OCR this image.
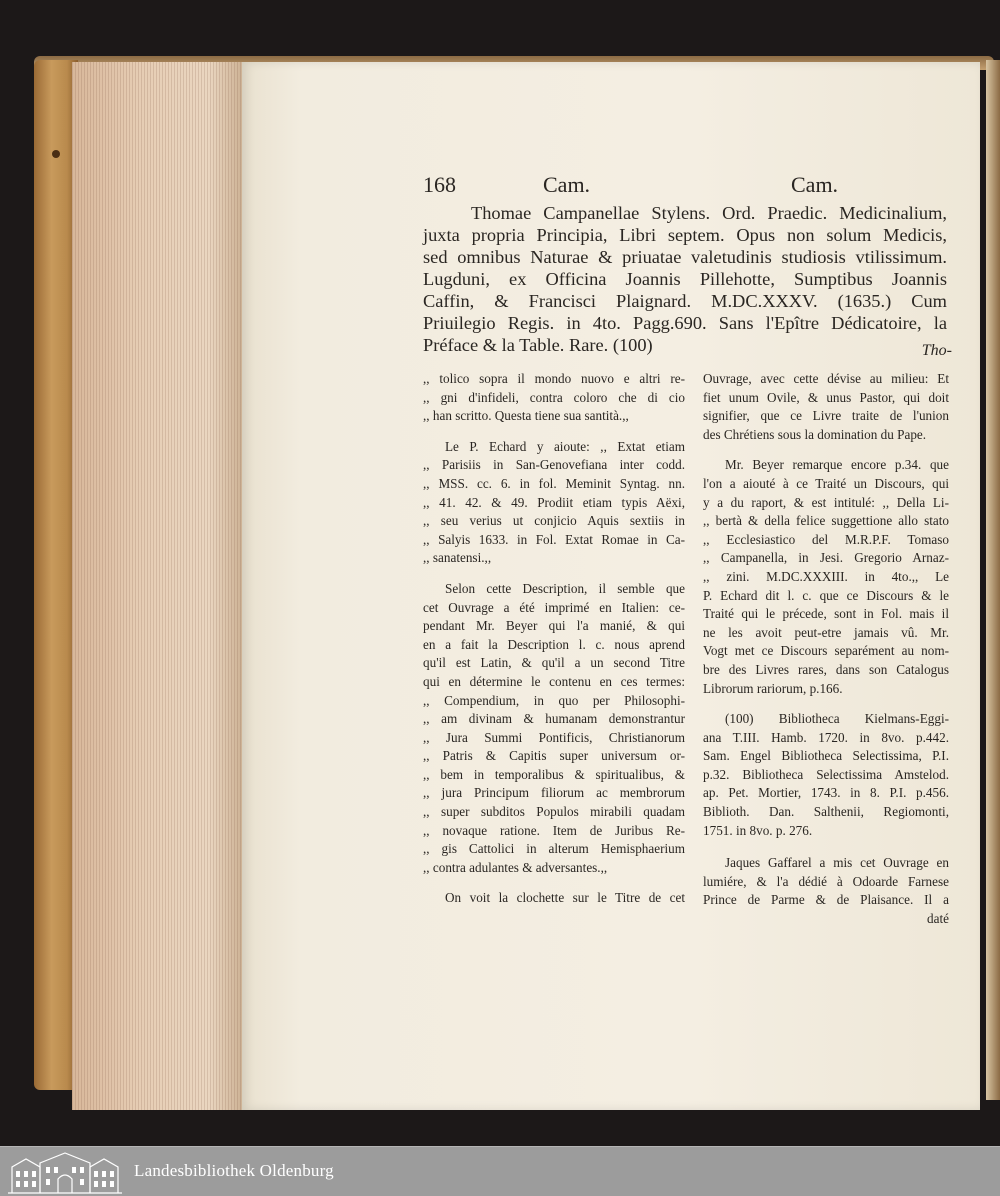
168	Cam.	Cam.
Thomae Campanellae Stylens. Ord. Praedic. Medicinalium,
juxta propria Principia, Libri septem. Opus non solum Medicis,
sed omnibus Naturae & priuatae valetudinis studiosis vtilissimum.
Lugduni, ex Officina Joannis Pillehotte, Sumptibus Joannis
Caffin, & Francisci Plaignard. M.DC.XXXV. (1635.) Cum
Priuilegio Regis. in 4to. Pagg.690. Sans l'Epître Dédicatoire, la
Préface & la Table. Rare. (100)	Tho-
,, tolico sopra il mondo nuovo e altri re-
,, gni d'infideli, contra coloro che di cio
,, han scritto. Questa tiene sua santità.,,
Le P. Echard y aioute: ,, Extat etiam
,, Parisiis in San-Genovefiana inter codd.
,, MSS. cc. 6. in fol. Meminit Syntag. nn.
,, 41. 42. & 49. Prodiit etiam typis Aëxi,
,, seu verius ut conjicio Aquis sextiis in
,, Salyis 1633. in Fol. Extat Romae in Ca-
,, sanatensi.,,
Selon cette Description, il semble que
cet Ouvrage a été imprimé en Italien: ce-
pendant Mr. Beyer qui l'a manié, & qui
en a fait la Description l. c. nous aprend
qu'il est Latin, & qu'il a un second Titre
qui en détermine le contenu en ces termes:
,, Compendium, in quo per Philosophi-
,, am divinam & humanam demonstrantur
,, Jura Summi Pontificis, Christianorum
,, Patris & Capitis super universum or-
,, bem in temporalibus & spiritualibus, &
,, jura Principum filiorum ac membrorum
,, super subditos Populos mirabili quadam
,, novaque ratione. Item de Juribus Re-
,, gis Cattolici in alterum Hemisphaerium
,, contra adulantes & adversantes.,,
On voit la clochette sur le Titre de cet
Ouvrage, avec cette dévise au milieu: Et
fiet unum Ovile, & unus Pastor, qui doit
signifier, que ce Livre traite de l'union
des Chrétiens sous la domination du Pape.
Mr. Beyer remarque encore p.34. que
l'on a aiouté à ce Traité un Discours, qui
y a du raport, & est intitulé: ,, Della Li-
,, bertà & della felice suggettione allo stato
,, Ecclesiastico del M.R.P.F. Tomaso
,, Campanella, in Jesi. Gregorio Arnaz-
,, zini. M.DC.XXXIII. in 4to.,, Le
P. Echard dit l. c. que ce Discours & le
Traité qui le précede, sont in Fol. mais il
ne les avoit peut-etre jamais vû. Mr.
Vogt met ce Discours separément au nom-
bre des Livres rares, dans son Catalogus
Librorum rariorum, p.166.
(100) Bibliotheca Kielmans-Eggi-
ana T.III. Hamb. 1720. in 8vo. p.442.
Sam. Engel Bibliotheca Selectissima, P.I.
p.32. Bibliotheca Selectissima Amstelod.
ap. Pet. Mortier, 1743. in 8. P.I. p.456.
Biblioth. Dan. Salthenii, Regiomonti,
1751. in 8vo. p. 276.
Jaques Gaffarel a mis cet Ouvrage en
lumiére, & l'a dédié à Odoarde Farnese
Prince de Parme & de Plaisance. Il a
daté
Landesbibliothek Oldenburg
